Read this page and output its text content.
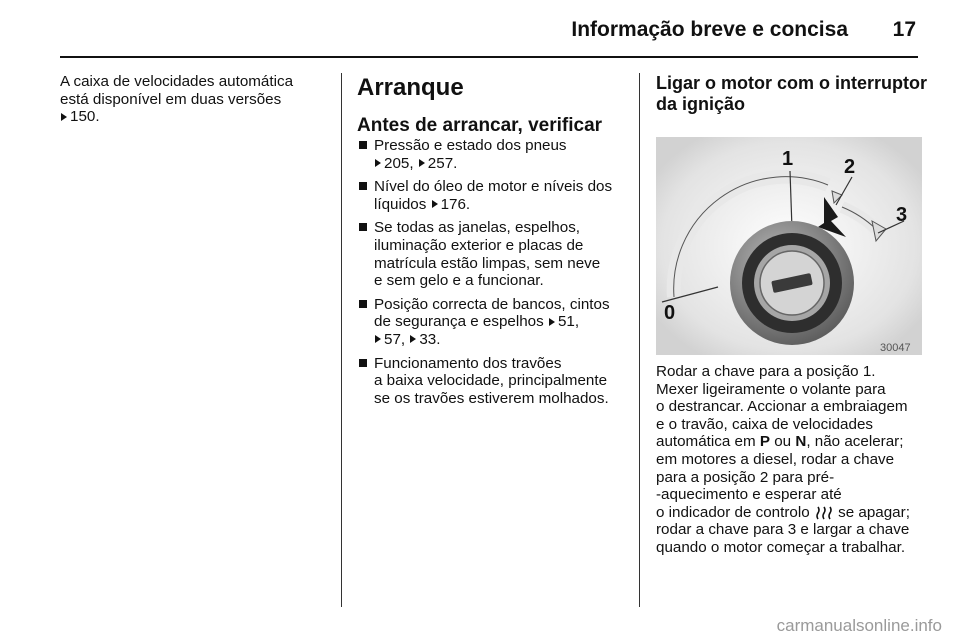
Informação breve e concisa	17
A caixa de velocidades automática
está disponível em duas versões
150.
Arranque
Antes de arrancar, verificar
Pressão e estado dos pneus
205, 257.
Nível do óleo de motor e níveis dos
líquidos 176.
Se todas as janelas, espelhos,
iluminação exterior e placas de
matrícula estão limpas, sem neve
e sem gelo e a funcionar.
Posição correcta de bancos, cintos
de segurança e espelhos 51,
57, 33.
Funcionamento dos travões
a baixa velocidade, principalmente
se os travões estiverem molhados.
Ligar o motor com o interruptor
da ignição
0
1	2
3
30047
Rodar a chave para a posição 1.
Mexer ligeiramente o volante para
o destrancar. Accionar a embraiagem
e o travão, caixa de velocidades
automática em P ou N, não acelerar;
em motores a diesel, rodar a chave
para a posição 2 para pré-
-aquecimento e esperar até
o indicador de controlo se apagar;
rodar a chave para 3 e largar a chave
quando o motor começar a trabalhar.
carmanualsonline.info
